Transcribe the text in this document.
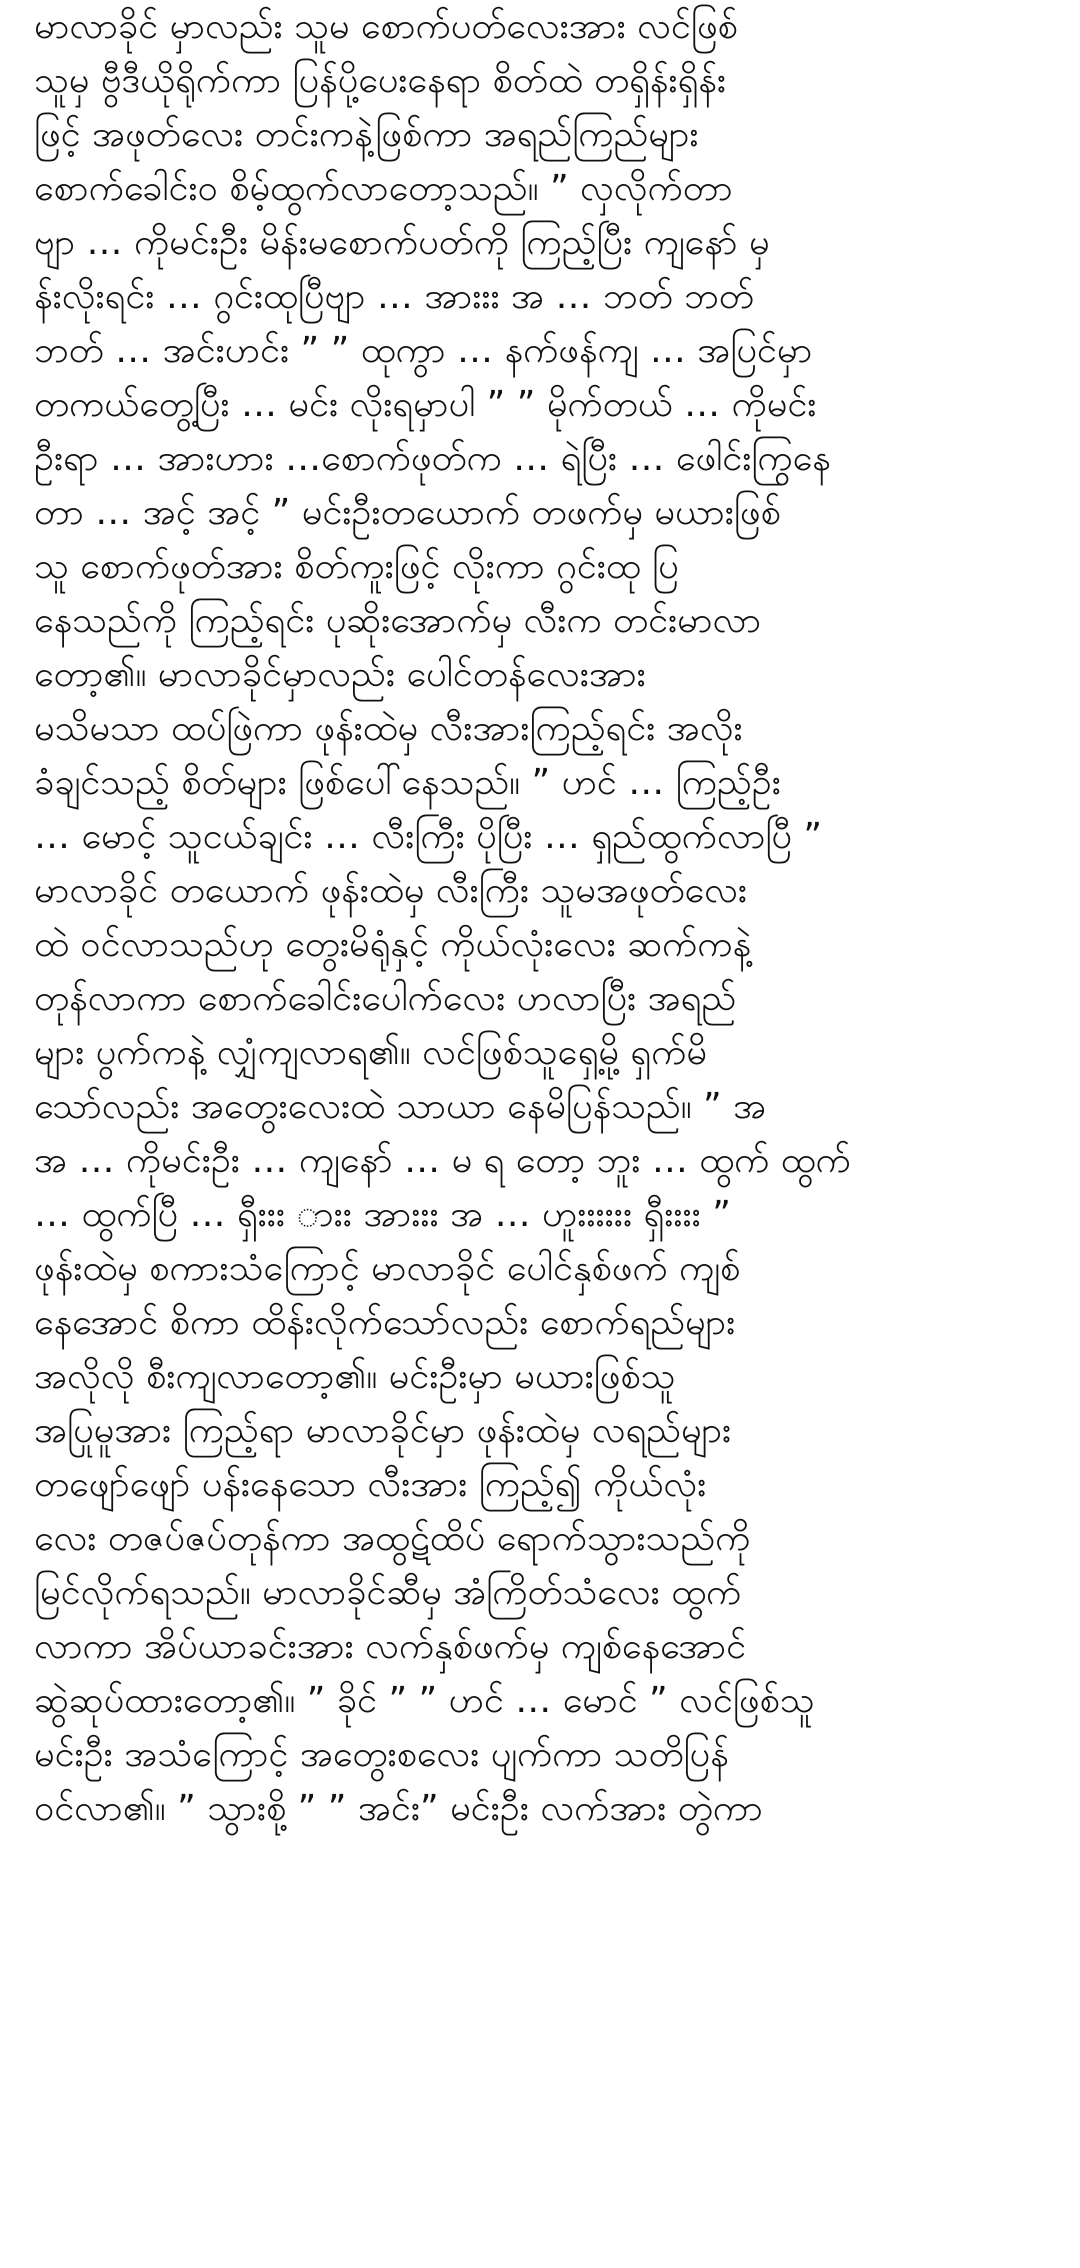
မာလာခိုင် မှာလည်း သူမ စောက်ပတ်လေးအား လင်ဖြစ်
သူမှ ဗွီဒီယိုရိုက်ကာ ပြန်ပို့ပေးနေရာ စိတ်ထဲ တရှိန်းရှိန်း
ဖြင့် အဖုတ်လေး တင်းကနဲ့ဖြစ်ကာ အရည်ကြည်များ
စောက်ခေါင်းဝ စိမ့်ထွက်လာတော့သည်။ ” လှလိုက်တာ
ဗျာ … ကိုမင်းဦး မိန်းမစောက်ပတ်ကို ကြည့်ပြီး ကျနော် မှ
န်းလိုးရင်း … ဂွင်းထုပြီဗျာ … အားးး အ … ဘတ် ဘတ်
ဘတ် … အင်းဟင်း ” ” ထုကွာ … နက်ဖန်ကျ … အပြင်မှာ
တကယ်တွေ့ပြီး … မင်း လိုးရမှာပါ ” ” မိုက်တယ် … ကိုမင်း
ဦးရာ … အားဟား …စောက်ဖုတ်က … ရဲပြီး … ဖေါင်းကြွနေ
တာ … အင့် အင့် ” မင်းဦးတယောက် တဖက်မှ မယားဖြစ်
သူ စောက်ဖုတ်အား စိတ်ကူးဖြင့် လိုးကာ ဂွင်းထု ပြ
နေသည်ကို ကြည့်ရင်း ပုဆိုးအောက်မှ လီးက တင်းမာလာ
တော့၏။ မာလာခိုင်မှာလည်း ပေါင်တန်လေးအား
မသိမသာ ထပ်ဖြဲကာ ဖုန်းထဲမှ လီးအားကြည့်ရင်း အလိုး
ခံချင်သည့် စိတ်များ ဖြစ်ပေါ်နေသည်။ ” ဟင် … ကြည့်ဦး
… မောင့် သူငယ်ချင်း … လီးကြီး ပိုပြီး … ရှည်ထွက်လာပြီ ”
မာလာခိုင် တယောက် ဖုန်းထဲမှ လီးကြီး သူမအဖုတ်လေး
ထဲ ဝင်လာသည်ဟု တွေးမိရုံနှင့် ကိုယ်လုံးလေး ဆက်ကနဲ့
တုန်လာကာ စောက်ခေါင်းပေါက်လေး ဟလာပြီး အရည်
များ ပွက်ကနဲ့ လျှံကျလာရ၏။ လင်ဖြစ်သူရှေ့မို့ ရှက်မိ
သော်လည်း အတွေးလေးထဲ သာယာ နေမိပြန်သည်။ ” အ
အ … ကိုမင်းဦး … ကျနော် … မ ရ တော့ ဘူး … ထွက် ထွက်
… ထွက်ပြီ … ရှီးးး ◌ားး အားးး အ … ဟူးးးးးး ရှီးးးး ”
ဖုန်းထဲမှ စကားသံကြောင့် မာလာခိုင် ပေါင်နှစ်ဖက် ကျစ်
နေအောင် စိကာ ထိန်းလိုက်သော်လည်း စောက်ရည်များ
အလိုလို စီးကျလာတော့၏။ မင်းဦးမှာ မယားဖြစ်သူ
အပြုမူအား ကြည့်ရာ မာလာခိုင်မှာ ဖုန်းထဲမှ လရည်များ
တဖျော်ဖျော် ပန်းနေသော လီးအား ကြည့်၍ ကိုယ်လုံး
လေး တဇပ်ဇပ်တုန်ကာ အထွဋ်ထိပ် ရောက်သွားသည်ကို
မြင်လိုက်ရသည်။ မာလာခိုင်ဆီမှ အံကြိတ်သံလေး ထွက်
လာကာ အိပ်ယာခင်းအား လက်နှစ်ဖက်မှ ကျစ်နေအောင်
ဆွဲဆုပ်ထားတော့၏။ ” ခိုင် ” ” ဟင် … မောင် ” လင်ဖြစ်သူ
မင်းဦး အသံကြောင့် အတွေးစလေး ပျက်ကာ သတိပြန်
ဝင်လာ၏။ ” သွားစို့ ” ” အင်း” မင်းဦး လက်အား တွဲကာ
